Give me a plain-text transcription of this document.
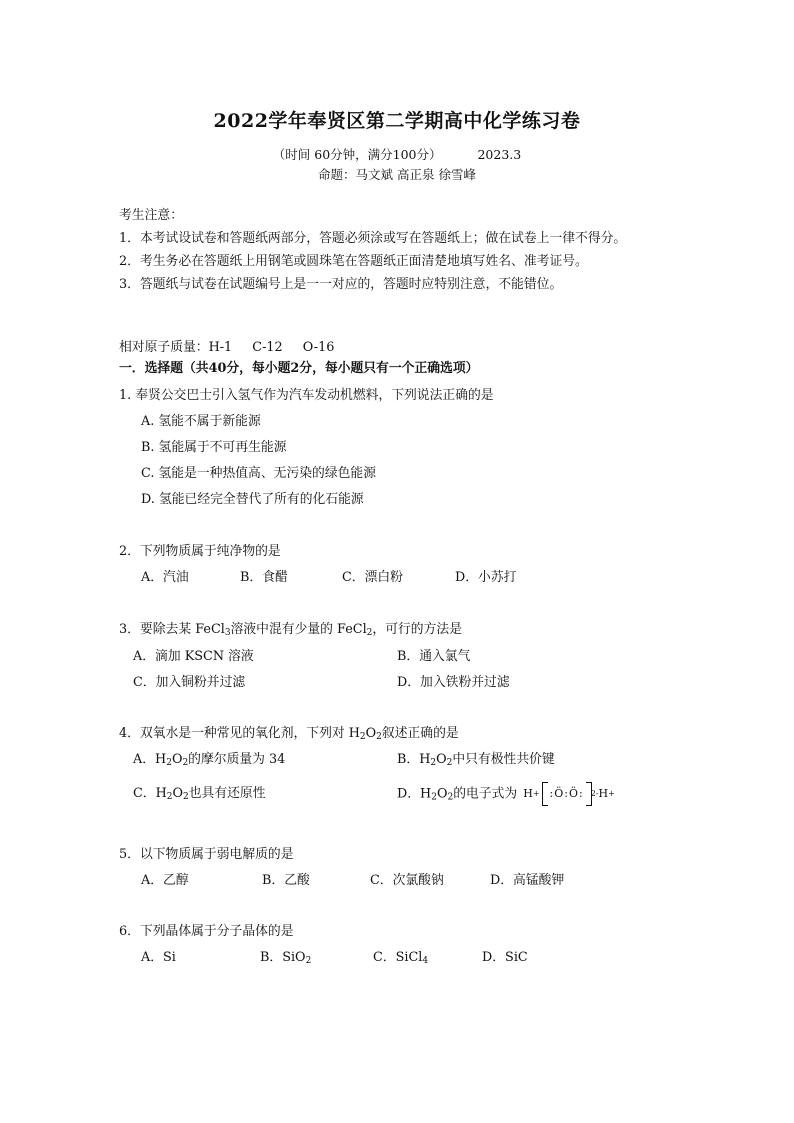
2022学年奉贤区第二学期高中化学练习卷
（时间 60分钟，满分100分）	2023.3
命题：马文斌 高正泉 徐雪峰
考生注意：
1．本考试设试卷和答题纸两部分，答题必须涂或写在答题纸上；做在试卷上一律不得分。
2．考生务必在答题纸上用钢笔或圆珠笔在答题纸正面清楚地填写姓名、准考证号。
3．答题纸与试卷在试题编号上是一一对应的，答题时应特别注意，不能错位。
相对原子质量：H-1 C-12 O-16
一．选择题（共40分，每小题2分，每小题只有一个正确选项）
1. 奉贤公交巴士引入氢气作为汽车发动机燃料，下列说法正确的是
A. 氢能不属于新能源
B. 氢能属于不可再生能源
C. 氢能是一种热值高、无污染的绿色能源
D. 氢能已经完全替代了所有的化石能源
2．下列物质属于纯净物的是
A．汽油	B．食醋	C．漂白粉	D．小苏打
3．要除去某 FeCl$_3$溶液中混有少量的 FeCl$_2$，可行的方法是
A．滴加 KSCN 溶液	B．通入氯气
C．加入铜粉并过滤	D．加入铁粉并过滤
4．双氧水是一种常见的氧化剂，下列对 $H_2O_2$叙述正确的是
A．$H_2O_2$的摩尔质量为 34	B．$H_2O_2$中只有极性共价键
C．$H_2O_2$也具有还原性	D．$H_2O_2$的电子式为 H + :Ö:Ö: 2- H +
5．以下物质属于弱电解质的是
A．乙醇	B．乙酸	C．次氯酸钠	D．高锰酸钾
6．下列晶体属于分子晶体的是
A．Si	B．SiO$_2$	C．SiCl$_4$	D．SiC
